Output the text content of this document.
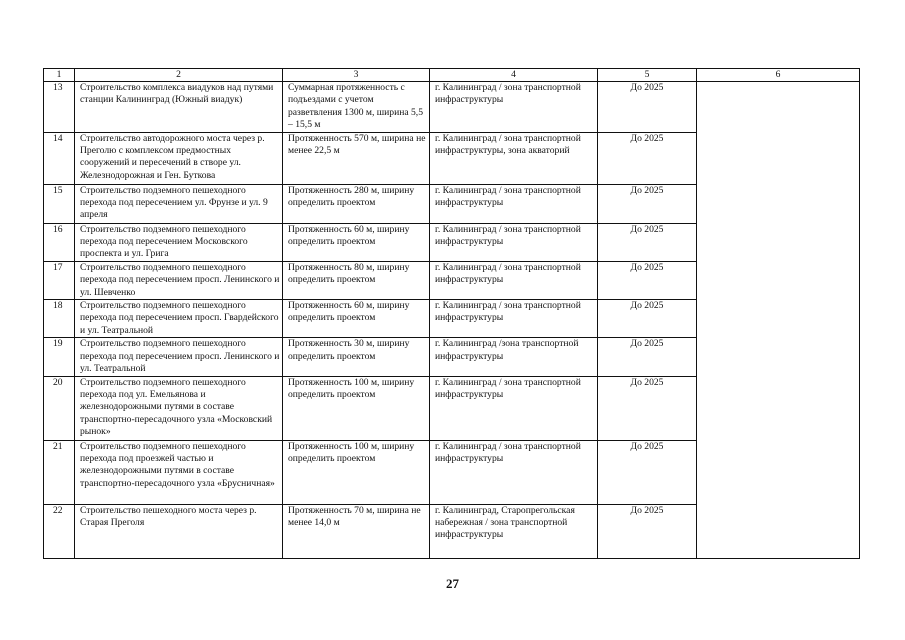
1	2	3	4	5	6
13	Строительство комплекса виадуков над путями станции Калининград (Южный виадук)	Суммарная протяженность с подъездами с учетом разветвления 1300 м, ширина 5,5 – 15,5 м	г. Калининград / зона транспортной инфраструктуры	До 2025	
14	Строительство автодорожного моста через р. Преголю с комплексом предмостных сооружений и пересечений в створе ул. Железнодорожная и Ген. Буткова	Протяженность 570 м, ширина не менее 22,5 м	г. Калининград / зона транспортной инфраструктуры, зона акваторий	До 2025	
15	Строительство подземного пешеходного перехода под пересечением ул. Фрунзе и ул. 9 апреля	Протяженность 280 м, ширину определить проектом	г. Калининград / зона транспортной инфраструктуры	До 2025	
16	Строительство подземного пешеходного перехода под пересечением Московского проспекта и ул. Грига	Протяженность 60 м, ширину определить проектом	г. Калининград / зона транспортной инфраструктуры	До 2025	
17	Строительство подземного пешеходного перехода под пересечением просп. Ленинского и ул. Шевченко	Протяженность 80 м, ширину определить проектом	г. Калининград / зона транспортной инфраструктуры	До 2025	
18	Строительство подземного пешеходного перехода под пересечением просп. Гвардейского и ул. Театральной	Протяженность 60 м, ширину определить проектом	г. Калининград / зона транспортной инфраструктуры	До 2025	
19	Строительство подземного пешеходного перехода под пересечением просп. Ленинского и ул. Театральной	Протяженность 30 м, ширину определить проектом	г. Калининград /зона транспортной инфраструктуры	До 2025	
20	Строительство подземного пешеходного перехода под ул. Емельянова и железнодорожными путями в составе транспортно-пересадочного узла «Московский рынок»	Протяженность 100 м, ширину определить проектом	г. Калининград / зона транспортной инфраструктуры	До 2025	
21	Строительство подземного пешеходного перехода под проезжей частью и железнодорожными путями в составе транспортно-пересадочного узла «Брусничная»	Протяженность 100 м, ширину определить проектом	г. Калининград / зона транспортной инфраструктуры	До 2025	
22	Строительство пешеходного моста через р. Старая Преголя	Протяженность 70 м, ширина не менее 14,0 м	г. Калининград, Старопрегольская набережная / зона транспортной инфраструктуры	До 2025	
27
